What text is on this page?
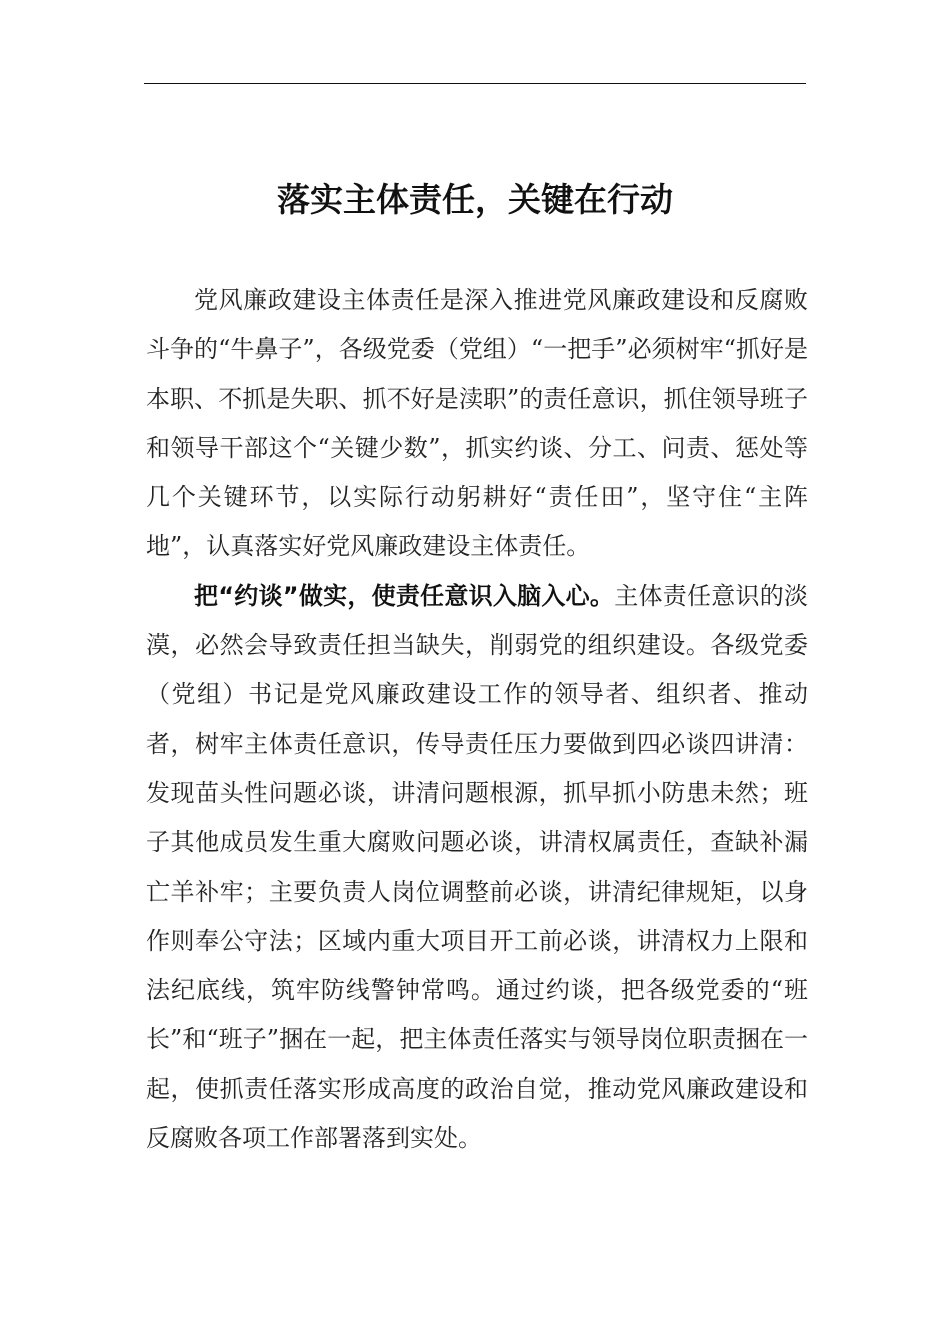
落实主体责任，关键在行动

党风廉政建设主体责任是深入推进党风廉政建设和反腐败斗争的“牛鼻子”，各级党委（党组）“一把手”必须树牢“抓好是本职、不抓是失职、抓不好是渎职”的责任意识，抓住领导班子和领导干部这个“关键少数”，抓实约谈、分工、问责、惩处等几个关键环节，以实际行动躬耕好“责任田”，坚守住“主阵地”，认真落实好党风廉政建设主体责任。

把“约谈”做实，使责任意识入脑入心。主体责任意识的淡漠，必然会导致责任担当缺失，削弱党的组织建设。各级党委（党组）书记是党风廉政建设工作的领导者、组织者、推动者，树牢主体责任意识，传导责任压力要做到四必谈四讲清：发现苗头性问题必谈，讲清问题根源，抓早抓小防患未然；班子其他成员发生重大腐败问题必谈，讲清权属责任，查缺补漏亡羊补牢；主要负责人岗位调整前必谈，讲清纪律规矩，以身作则奉公守法；区域内重大项目开工前必谈，讲清权力上限和法纪底线，筑牢防线警钟常鸣。通过约谈，把各级党委的“班长”和“班子”捆在一起，把主体责任落实与领导岗位职责捆在一起，使抓责任落实形成高度的政治自觉，推动党风廉政建设和反腐败各项工作部署落到实处。
